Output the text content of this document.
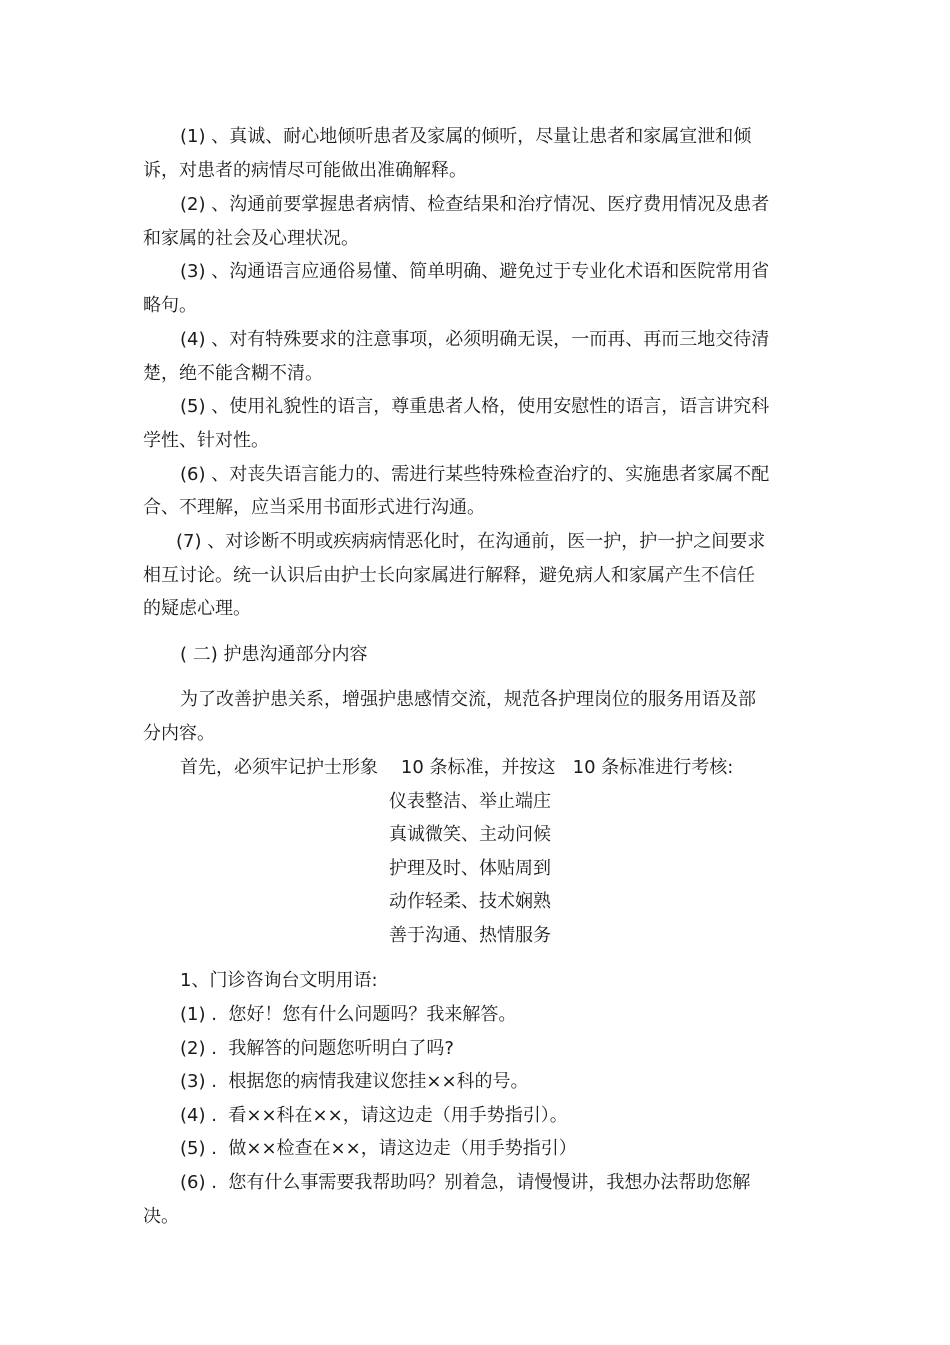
(1) 、真诚、耐心地倾听患者及家属的倾听，尽量让患者和家属宣泄和倾
诉，对患者的病情尽可能做出准确解释。
(2) 、沟通前要掌握患者病情、检查结果和治疗情况、医疗费用情况及患者
和家属的社会及心理状况。
(3) 、沟通语言应通俗易懂、简单明确、避免过于专业化术语和医院常用省
略句。
(4) 、对有特殊要求的注意事项，必须明确无误，一而再、再而三地交待清
楚，绝不能含糊不清。
(5) 、使用礼貌性的语言，尊重患者人格，使用安慰性的语言，语言讲究科
学性、针对性。
(6) 、对丧失语言能力的、需进行某些特殊检查治疗的、实施患者家属不配
合、不理解，应当采用书面形式进行沟通。
(7) 、对诊断不明或疾病病情恶化时，在沟通前，医一护，护一护之间要求
相互讨论。统一认识后由护士长向家属进行解释，避免病人和家属产生不信任
的疑虑心理。
( 二) 护患沟通部分内容
为了改善护患关系，增强护患感情交流，规范各护理岗位的服务用语及部
分内容。
首先，必须牢记护士形象    10 条标准，并按这   10 条标准进行考核:
仪表整洁、举止端庄
真诚微笑、主动问候
护理及时、体贴周到
动作轻柔、技术娴熟
善于沟通、热情服务
1、门诊咨询台文明用语:
(1) .  您好！您有什么问题吗？我来解答。
(2) .  我解答的问题您听明白了吗?
(3) .  根据您的病情我建议您挂××科的号。
(4) .  看××科在××，请这边走（用手势指引）。
(5) .  做××检查在××，请这边走（用手势指引）
(6) .  您有什么事需要我帮助吗？别着急，请慢慢讲，我想办法帮助您解
决。
